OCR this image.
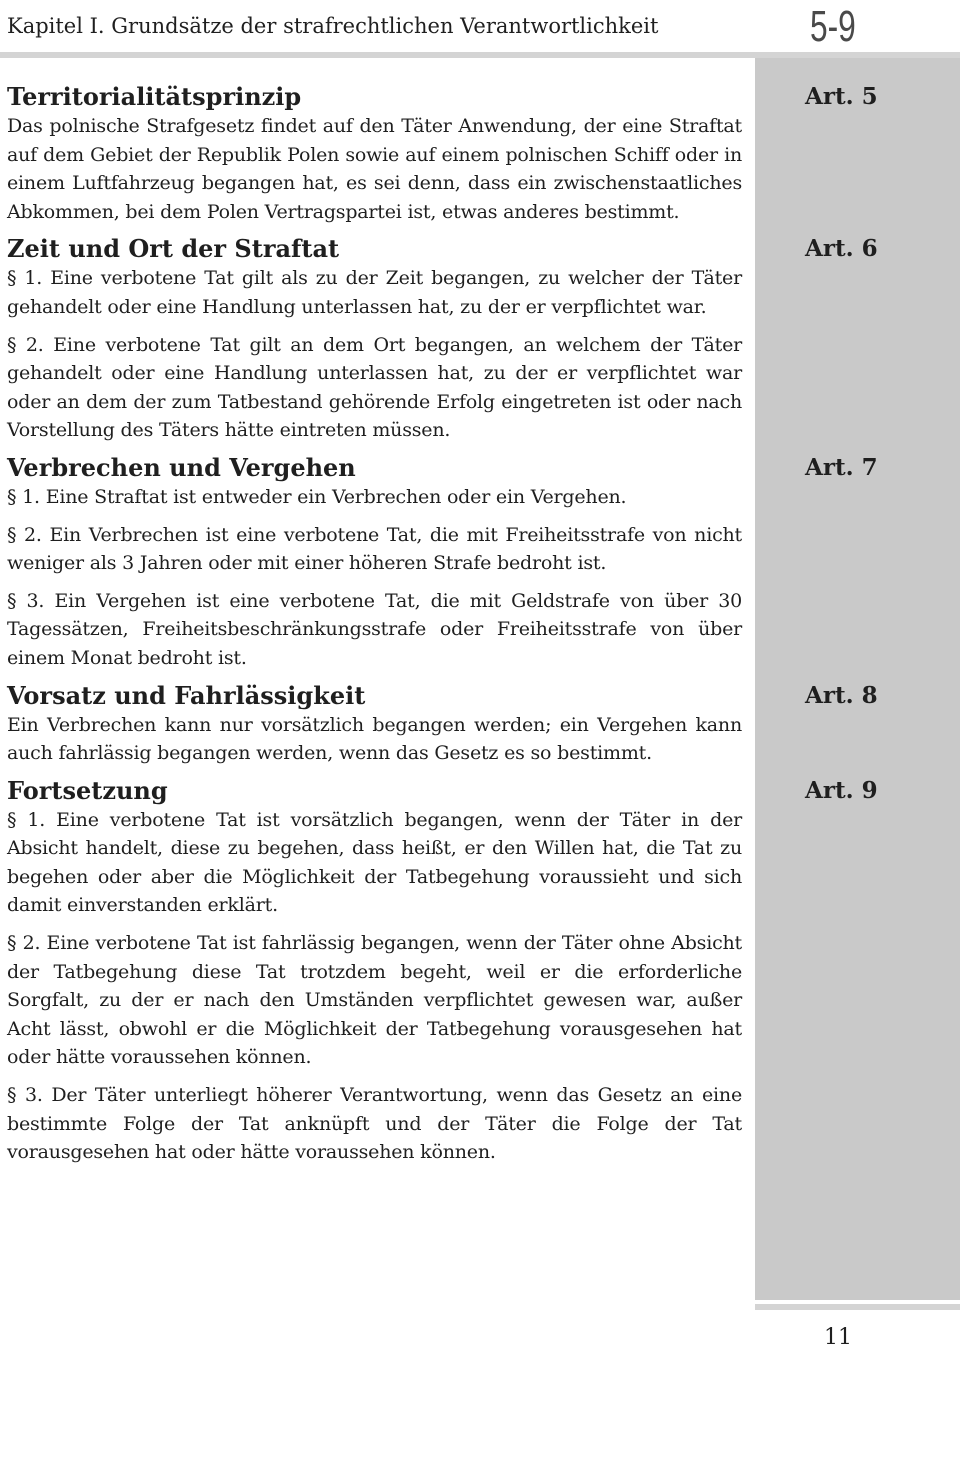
Kapitel I. Grundsätze der strafrechtlichen Verantwortlichkeit	5-9
Territorialitätsprinzip	Art. 5

Das polnische Strafgesetz findet auf den Täter Anwendung, der eine Straftat auf dem Gebiet der Republik Polen sowie auf einem polnischen Schiff oder in einem Luftfahrzeug begangen hat, es sei denn, dass ein zwischenstaatliches Abkommen, bei dem Polen Vertragspartei ist, etwas anderes bestimmt.

Zeit und Ort der Straftat	Art. 6

§ 1. Eine verbotene Tat gilt als zu der Zeit begangen, zu welcher der Täter gehandelt oder eine Handlung unterlassen hat, zu der er verpflichtet war.

§ 2. Eine verbotene Tat gilt an dem Ort begangen, an welchem der Täter gehandelt oder eine Handlung unterlassen hat, zu der er verpflichtet war oder an dem der zum Tatbestand gehörende Erfolg eingetreten ist oder nach Vorstellung des Täters hätte eintreten müssen.

Verbrechen und Vergehen	Art. 7

§ 1. Eine Straftat ist entweder ein Verbrechen oder ein Vergehen.

§ 2. Ein Verbrechen ist eine verbotene Tat, die mit Freiheitsstrafe von nicht weniger als 3 Jahren oder mit einer höheren Strafe bedroht ist.

§ 3. Ein Vergehen ist eine verbotene Tat, die mit Geldstrafe von über 30 Tagessätzen, Freiheitsbeschränkungsstrafe oder Freiheitsstrafe von über einem Monat bedroht ist.

Vorsatz und Fahrlässigkeit	Art. 8

Ein Verbrechen kann nur vorsätzlich begangen werden; ein Vergehen kann auch fahrlässig begangen werden, wenn das Gesetz es so bestimmt.

Fortsetzung	Art. 9

§ 1. Eine verbotene Tat ist vorsätzlich begangen, wenn der Täter in der Absicht handelt, diese zu begehen, dass heißt, er den Willen hat, die Tat zu begehen oder aber die Möglichkeit der Tatbegehung voraussieht und sich damit einverstanden erklärt.

§ 2. Eine verbotene Tat ist fahrlässig begangen, wenn der Täter ohne Absicht der Tatbegehung diese Tat trotzdem begeht, weil er die erforderliche Sorgfalt, zu der er nach den Umständen verpflichtet gewesen war, außer Acht lässt, obwohl er die Möglichkeit der Tatbegehung vorausgesehen hat oder hätte voraussehen können.

§ 3. Der Täter unterliegt höherer Verantwortung, wenn das Gesetz an eine bestimmte Folge der Tat anknüpft und der Täter die Folge der Tat vorausgesehen hat oder hätte voraussehen können.

11
